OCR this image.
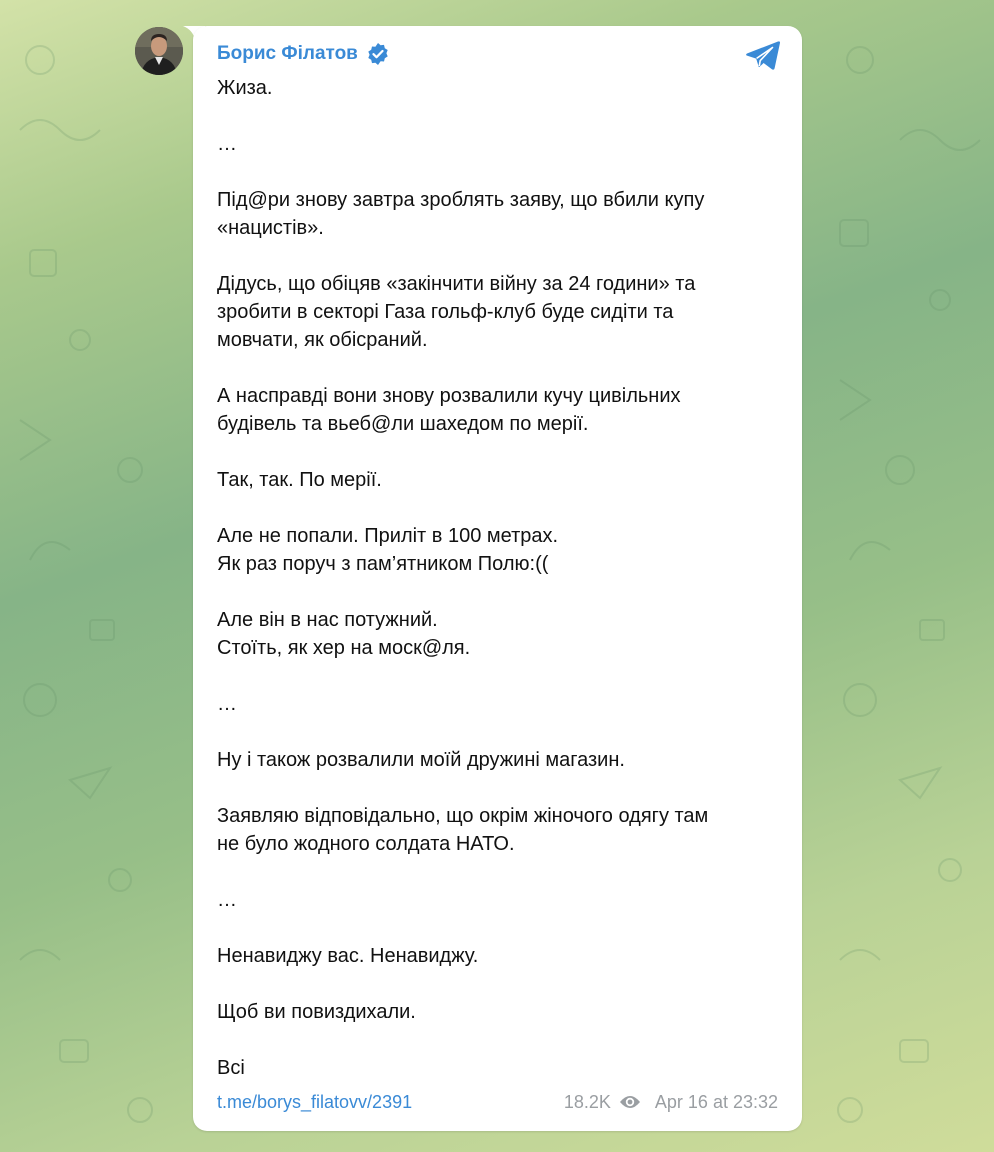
Борис Філатов

Жиза.

…

Під@ри знову завтра зроблять заяву, що вбили купу

«нацистів».

Дідусь, що обіцяв «закінчити війну за 24 години» та

зробити в секторі Газа гольф-клуб буде сидіти та

мовчати, як обісраний.

А насправді вони знову розвалили кучу цивільних

будівель та вьеб@ли шахедом по мерії.

Так, так. По мерії.

Але не попали. Приліт в 100 метрах.

Як раз поруч з пам’ятником Полю:((

Але він в нас потужний.

Стоїть, як хер на моск@ля.

…

Ну і також розвалили моїй дружині магазин.

Заявляю відповідально, що окрім жіночого одягу там

не було жодного солдата НАТО.

…

Ненавиджу вас. Ненавиджу.

Щоб ви повиздихали.

Всі

t.me/borys_filatovv/2391	18.2K Apr 16 at 23:32
